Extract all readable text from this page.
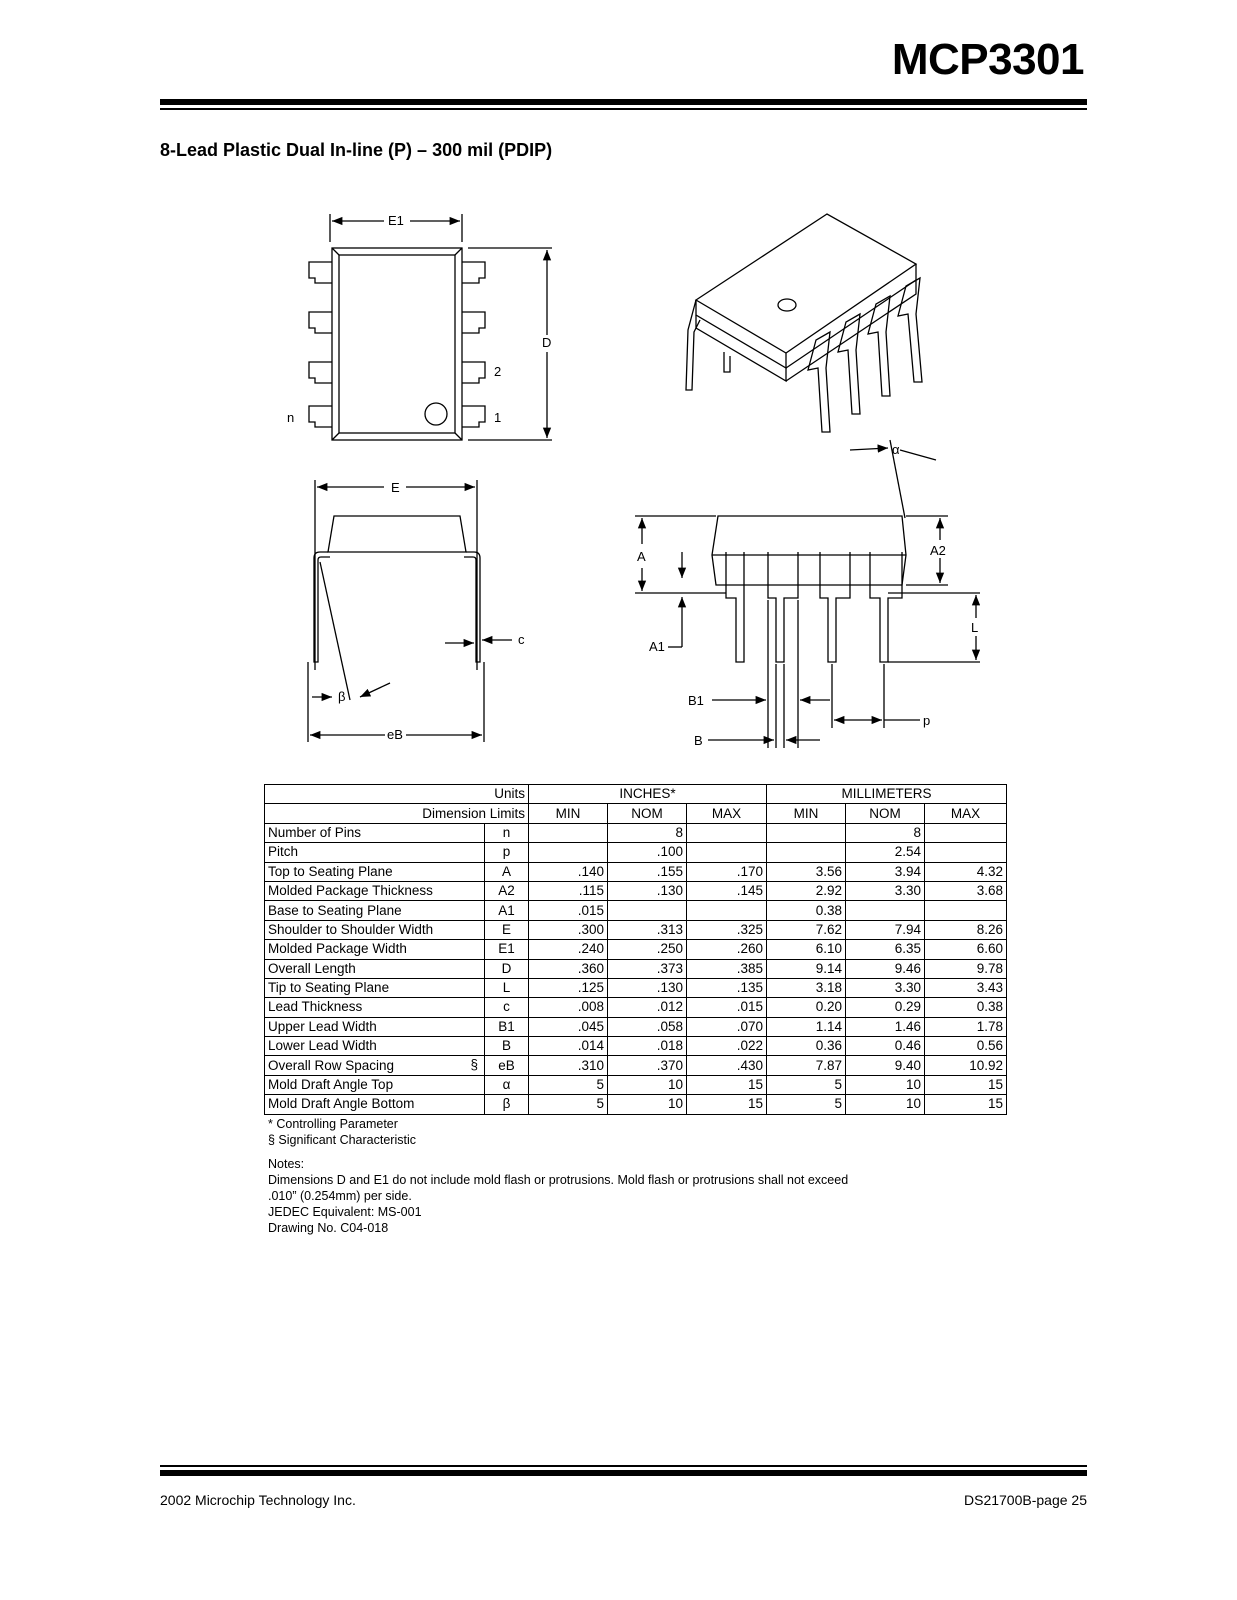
MCP3301
8-Lead Plastic Dual In-line (P) – 300 mil (PDIP)
E1
D
n	1
2
E
c
β
eB
α
A	A2
A1
L
B1
B
p
Units		INCHES*			MILLIMETERS		
Dimension Limits		MIN	NOM	MAX	MIN	NOM	MAX
Number of Pins	n		8			8	
Pitch	p		.100			2.54	
Top to Seating Plane	A	.140	.155	.170	3.56	3.94	4.32
Molded Package Thickness	A2	.115	.130	.145	2.92	3.30	3.68
Base to Seating Plane	A1	.015			0.38		
Shoulder to Shoulder Width	E	.300	.313	.325	7.62	7.94	8.26
Molded Package Width	E1	.240	.250	.260	6.10	6.35	6.60
Overall Length	D	.360	.373	.385	9.14	9.46	9.78
Tip to Seating Plane	L	.125	.130	.135	3.18	3.30	3.43
Lead Thickness	c	.008	.012	.015	0.20	0.29	0.38
Upper Lead Width	B1	.045	.058	.070	1.14	1.46	1.78
Lower Lead Width	B	.014	.018	.022	0.36	0.46	0.56
Overall Row Spacing §	eB	.310	.370	.430	7.87	9.40	10.92
Mold Draft Angle Top	α	5	10	15	5	10	15
Mold Draft Angle Bottom	β	5	10	15	5	10	15

* Controlling Parameter

§ Significant Characteristic

Notes:

Dimensions D and E1 do not include mold flash or protrusions. Mold flash or protrusions shall not exceed

.010” (0.254mm) per side.

JEDEC Equivalent: MS-001

Drawing No. C04-018

2002 Microchip Technology Inc.	DS21700B-page 25
